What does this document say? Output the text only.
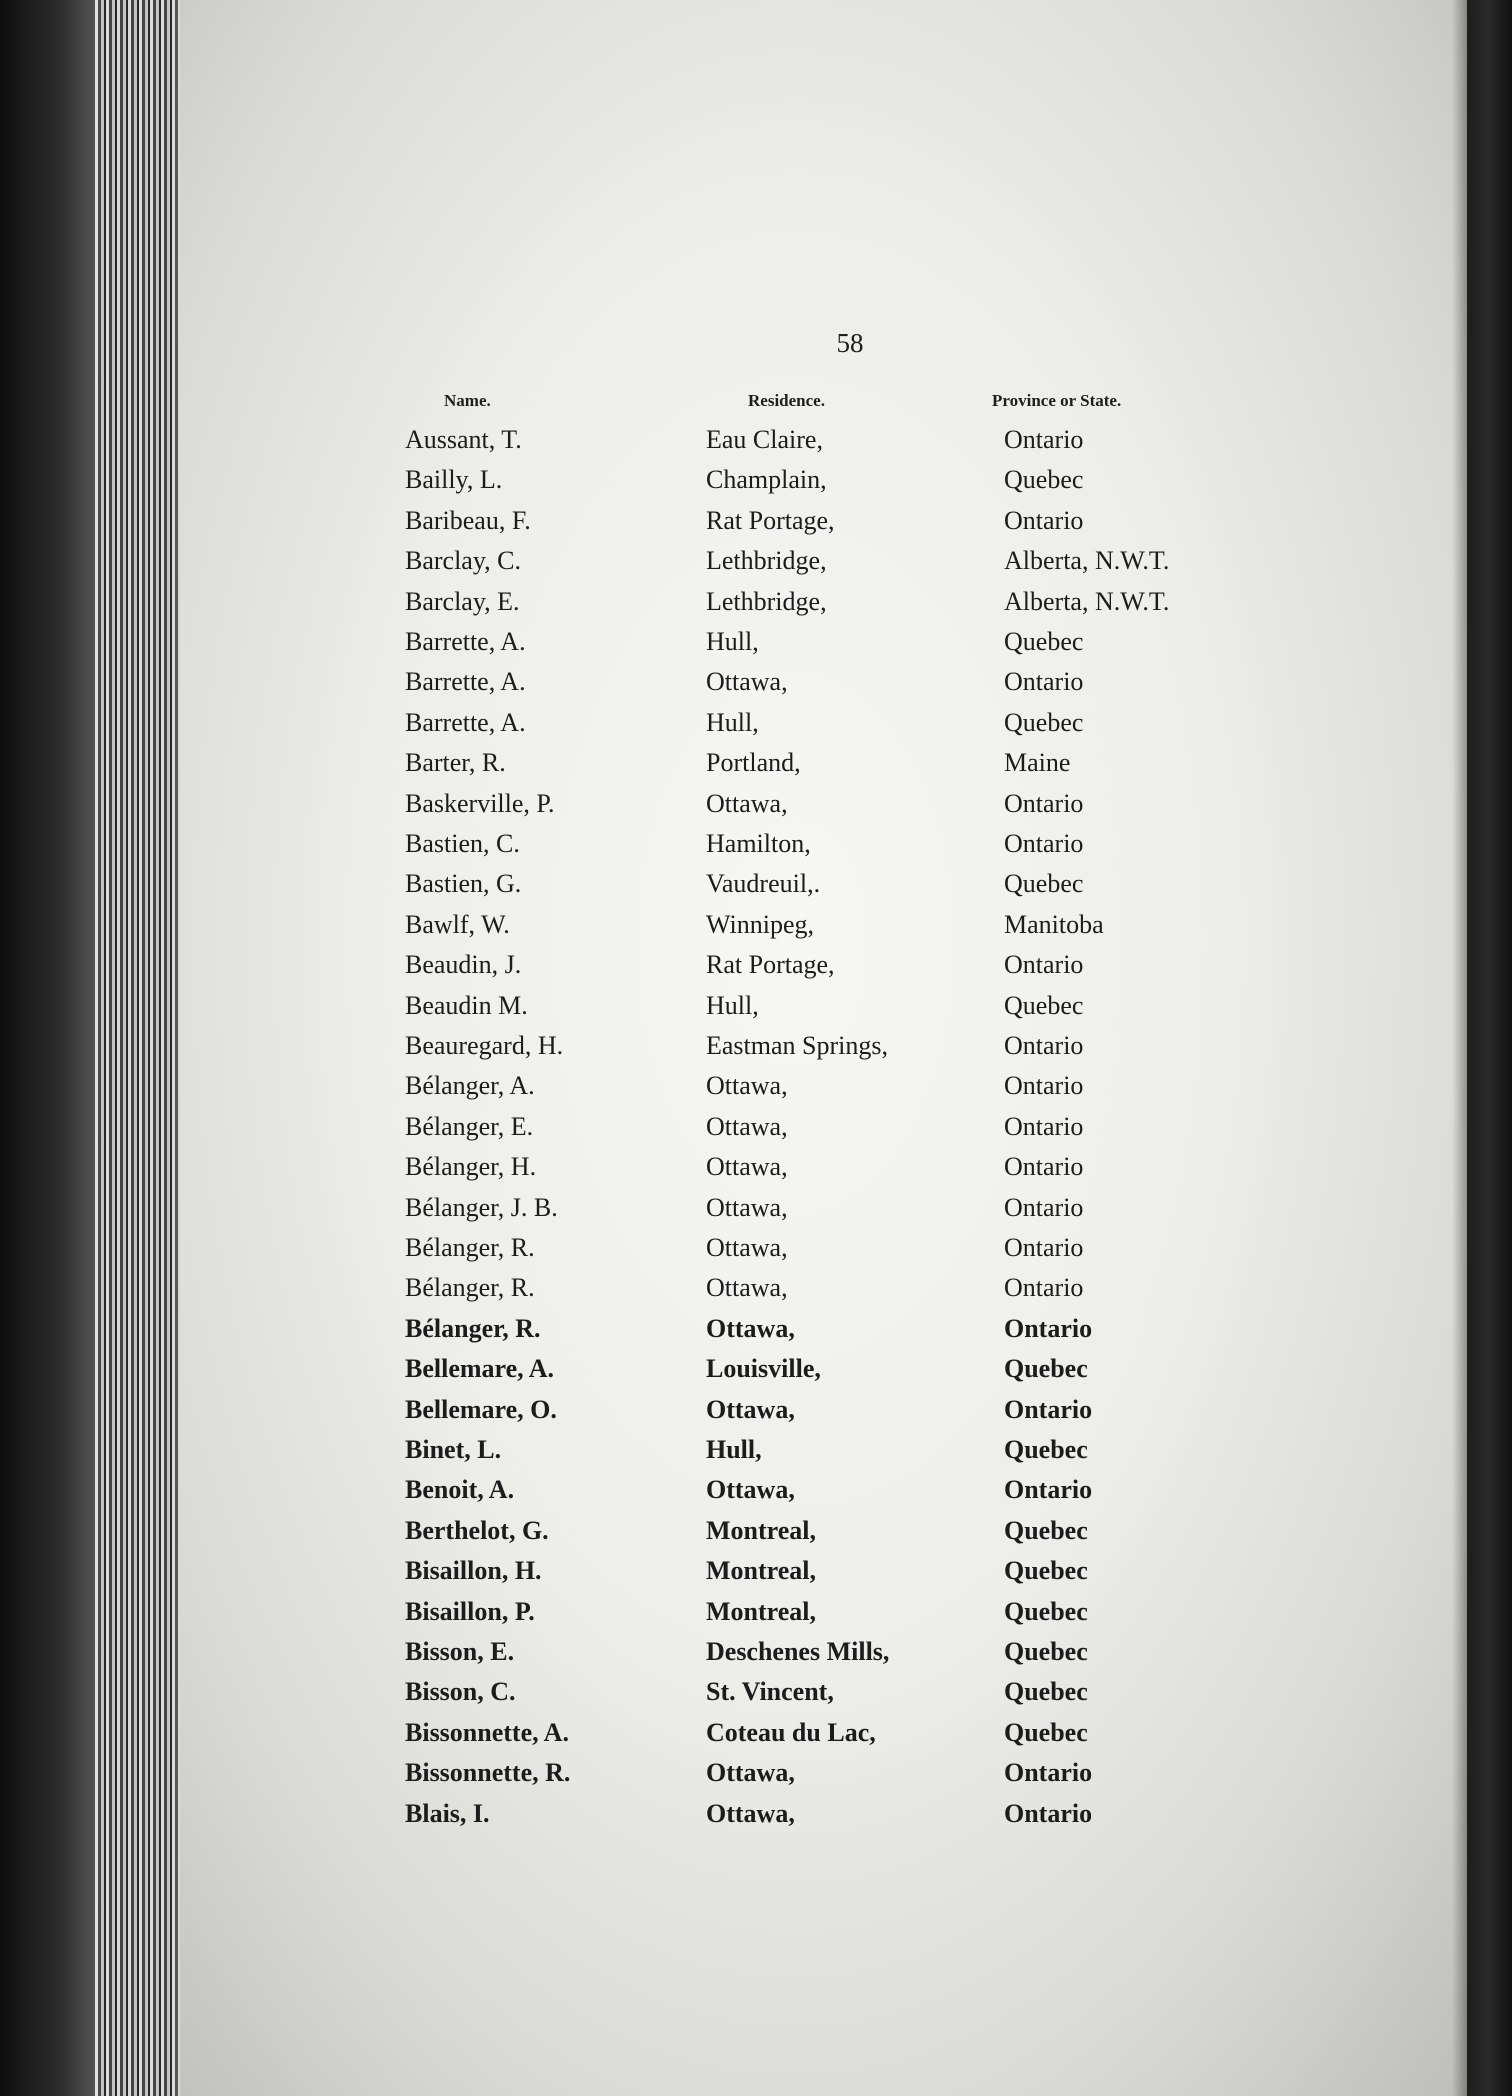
58
Name.	Residence.	Province or State.
Aussant, T.	Eau Claire,	Ontario
Bailly, L.	Champlain,	Quebec
Baribeau, F.	Rat Portage,	Ontario
Barclay, C.	Lethbridge,	Alberta, N.W.T.
Barclay, E.	Lethbridge,	Alberta, N.W.T.
Barrette, A.	Hull,	Quebec
Barrette, A.	Ottawa,	Ontario
Barrette, A.	Hull,	Quebec
Barter, R.	Portland,	Maine
Baskerville, P.	Ottawa,	Ontario
Bastien, C.	Hamilton,	Ontario
Bastien, G.	Vaudreuil,.	Quebec
Bawlf, W.	Winnipeg,	Manitoba
Beaudin, J.	Rat Portage,	Ontario
Beaudin M.	Hull,	Quebec
Beauregard, H.	Eastman Springs,	Ontario
Bélanger, A.	Ottawa,	Ontario
Bélanger, E.	Ottawa,	Ontario
Bélanger, H.	Ottawa,	Ontario
Bélanger, J. B.	Ottawa,	Ontario
Bélanger, R.	Ottawa,	Ontario
Bélanger, R.	Ottawa,	Ontario
Bélanger, R.	Ottawa,	Ontario
Bellemare, A.	Louisville,	Quebec
Bellemare, O.	Ottawa,	Ontario
Binet, L.	Hull,	Quebec
Benoit, A.	Ottawa,	Ontario
Berthelot, G.	Montreal,	Quebec
Bisaillon, H.	Montreal,	Quebec
Bisaillon, P.	Montreal,	Quebec
Bisson, E.	Deschenes Mills,	Quebec
Bisson, C.	St. Vincent,	Quebec
Bissonnette, A.	Coteau du Lac,	Quebec
Bissonnette, R.	Ottawa,	Ontario
Blais, I.	Ottawa,	Ontario
